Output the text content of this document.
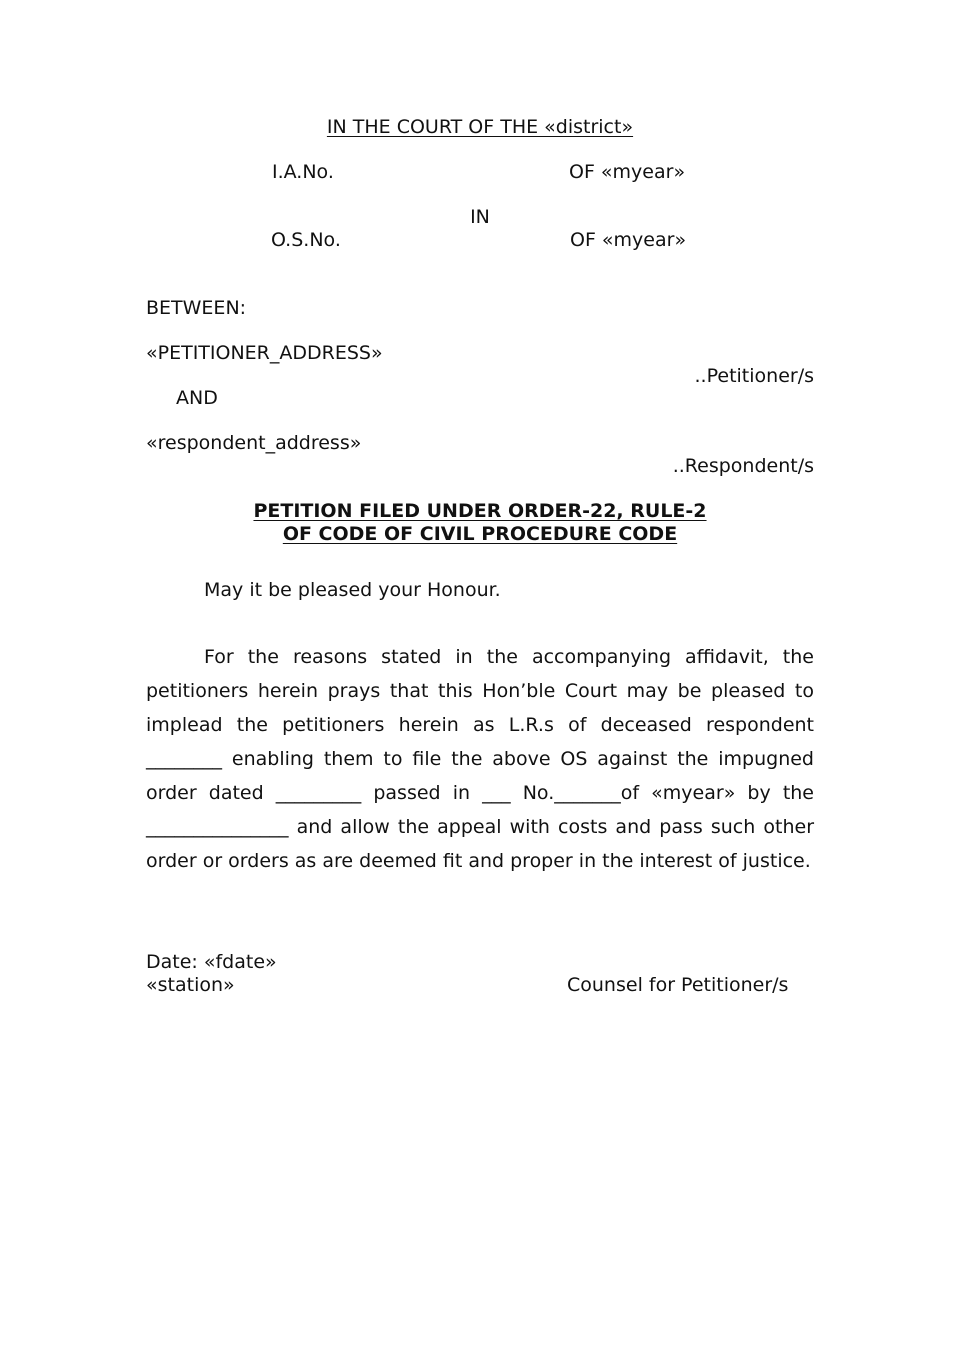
IN THE COURT OF THE «district»
I.A.No.	OF «myear»
IN
O.S.No.	OF «myear»
BETWEEN:
«PETITIONER_ADDRESS»
..Petitioner/s
AND
«respondent_address»
..Respondent/s
PETITION FILED UNDER ORDER-22, RULE-2
OF CODE OF CIVIL PROCEDURE CODE
May it be pleased your Honour.
For the reasons stated in the accompanying affidavit, the petitioners herein prays that this Hon’ble Court may be pleased to implead the petitioners herein as L.R.s of deceased respondent ________ enabling them to file the above OS against the impugned order dated _________ passed in ___ No._______of «myear» by the _______________ and allow the appeal with costs and pass such other order or orders as are deemed fit and proper in the interest of justice.
Date: «fdate»
«station»	Counsel for Petitioner/s
